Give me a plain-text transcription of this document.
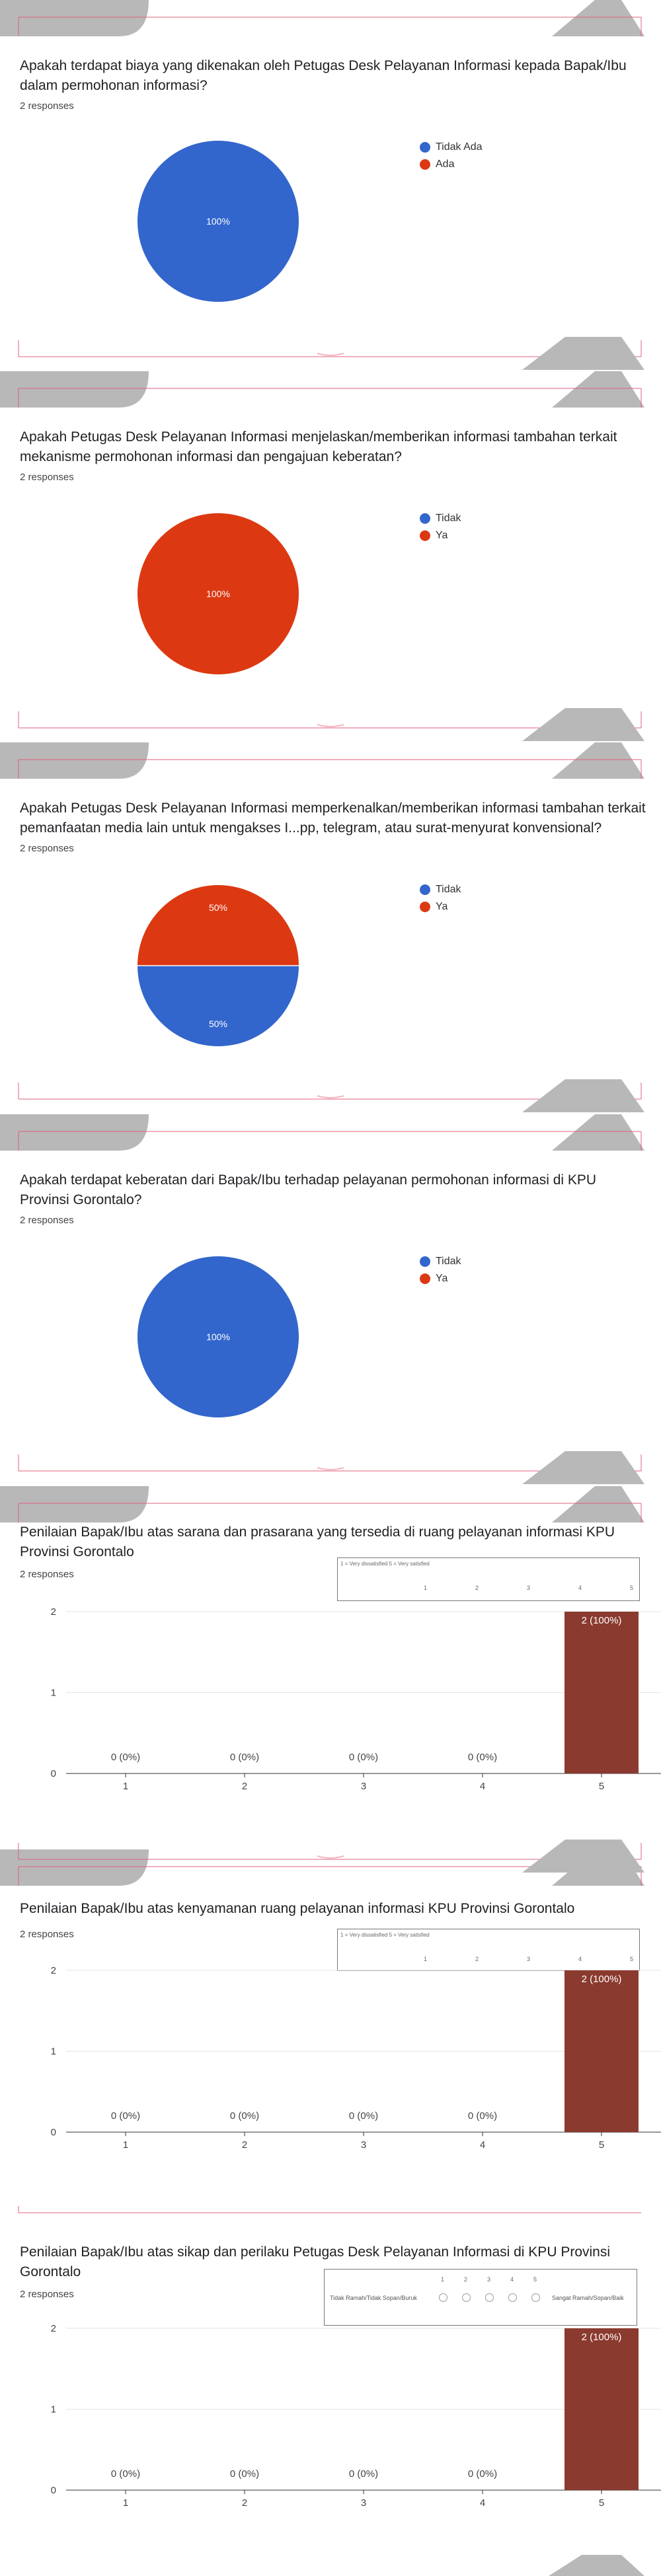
Apakah terdapat biaya yang dikenakan oleh Petugas Desk Pelayanan Informasi kepada Bapak/Ibu dalam permohonan informasi?
2 responses
100%
Tidak Ada
Ada
Apakah Petugas Desk Pelayanan Informasi menjelaskan/memberikan informasi tambahan terkait mekanisme permohonan informasi dan pengajuan keberatan?
2 responses
100%
Tidak
Ya
Apakah Petugas Desk Pelayanan Informasi memperkenalkan/memberikan informasi tambahan terkait pemanfaatan media lain untuk mengakses I...pp, telegram, atau surat-menyurat konvensional?
2 responses
50%
50%
Tidak
Ya
Apakah terdapat keberatan dari Bapak/Ibu terhadap pelayanan permohonan informasi di KPU Provinsi Gorontalo?
2 responses
100%
Tidak
Ya
Penilaian Bapak/Ibu atas sarana dan prasarana yang tersedia di ruang pelayanan informasi KPU Provinsi Gorontalo
2 responses
1 = Very dissatisfied 5 = Very satisfied
1	2	3	4	5
0
1
2
0 (0%)
1
0 (0%)
2
0 (0%)
3
0 (0%)
4
2 (100%)
5
Penilaian Bapak/Ibu atas kenyamanan ruang pelayanan informasi KPU Provinsi Gorontalo
2 responses	1 = Very dissatisfied 5 = Very satisfied
1	2	3	4	5
0
1
2
0 (0%)
1
0 (0%)
2
0 (0%)
3
0 (0%)
4
2 (100%)
5
Penilaian Bapak/Ibu atas sikap dan perilaku Petugas Desk Pelayanan Informasi di KPU Provinsi Gorontalo
2 responses
1	2	3	4	5
Tidak Ramah/Tidak Sopan/Buruk	Sangat Ramah/Sopan/Baik
0
1
2
0 (0%)
1
0 (0%)
2
0 (0%)
3
0 (0%)
4
2 (100%)
5
